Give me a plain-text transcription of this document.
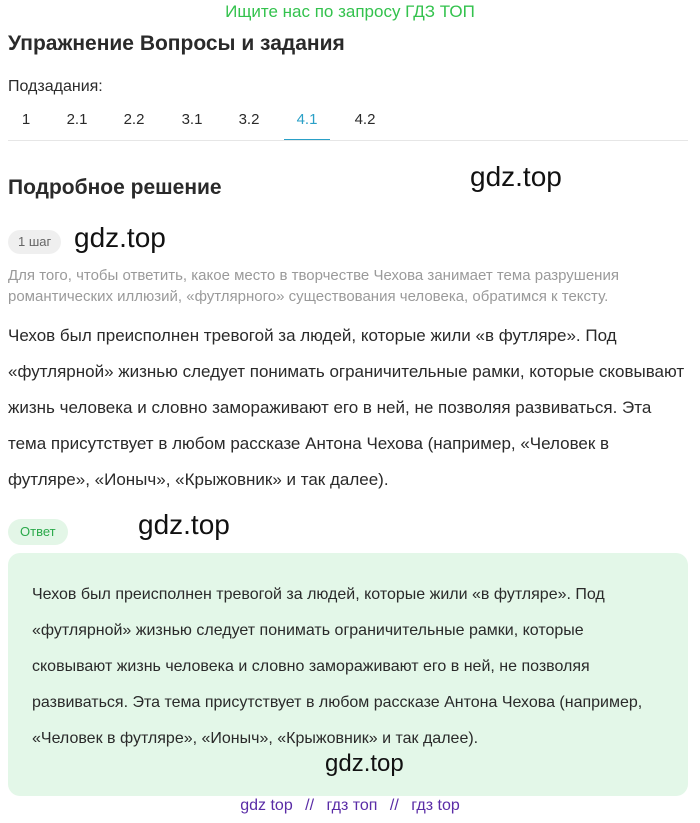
Ищите нас по запросу ГДЗ ТОП
Упражнение Вопросы и задания
Подзадания:
1	2.1	2.2	3.1	3.2	4.1	4.2
Подробное решение	gdz.top
1 шаг gdz.top
Для того, чтобы ответить, какое место в творчестве Чехова занимает тема разрушения романтических иллюзий, «футлярного» существования человека, обратимся к тексту.
Чехов был преисполнен тревогой за людей, которые жили «в футляре». Под «футлярной» жизнью следует понимать ограничительные рамки, которые сковывают жизнь человека и словно замораживают его в ней, не позволяя развиваться. Эта тема присутствует в любом рассказе Антона Чехова (например, «Человек в футляре», «Ионыч», «Крыжовник» и так далее).
Ответ	gdz.top
Чехов был преисполнен тревогой за людей, которые жили «в футляре». Под «футлярной» жизнью следует понимать ограничительные рамки, которые сковывают жизнь человека и словно замораживают его в ней, не позволяя развиваться. Эта тема присутствует в любом рассказе Антона Чехова (например, «Человек в футляре», «Ионыч», «Крыжовник» и так далее).
gdz.top
gdz top // гдз топ // гдз top
